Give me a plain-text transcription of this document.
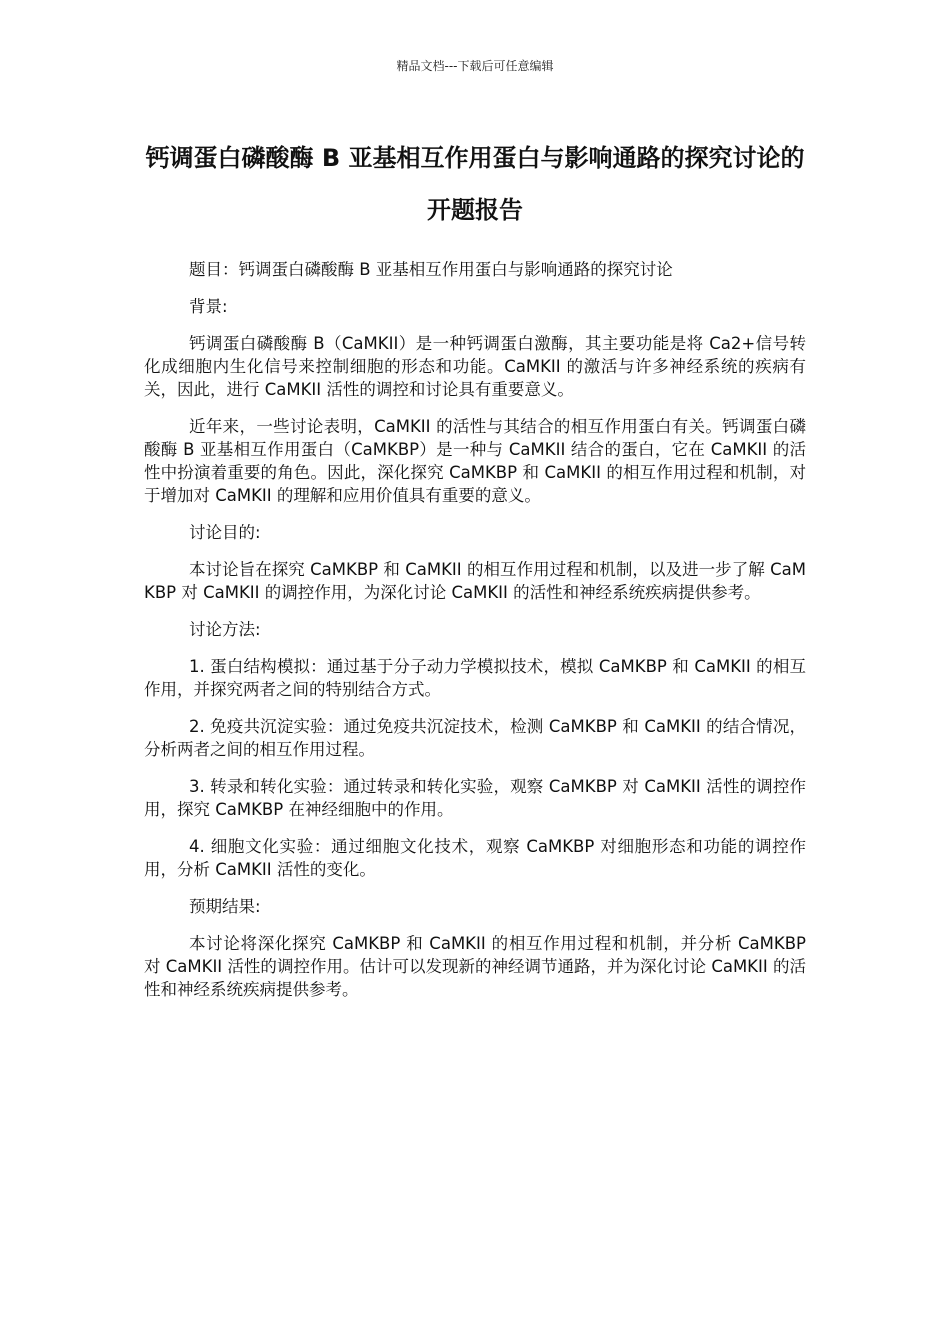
精品文档---下载后可任意编辑
钙调蛋白磷酸酶 B 亚基相互作用蛋白与影响通路的探究讨论的开题报告

题目：钙调蛋白磷酸酶 B 亚基相互作用蛋白与影响通路的探究讨论

背景:

钙调蛋白磷酸酶 B（CaMKII）是一种钙调蛋白激酶，其主要功能是将 Ca2+信号转化成细胞内生化信号来控制细胞的形态和功能。CaMKII 的激活与许多神经系统的疾病有关，因此，进行 CaMKII 活性的调控和讨论具有重要意义。

近年来，一些讨论表明，CaMKII 的活性与其结合的相互作用蛋白有关。钙调蛋白磷酸酶 B 亚基相互作用蛋白（CaMKBP）是一种与 CaMKII 结合的蛋白，它在 CaMKII 的活性中扮演着重要的角色。因此，深化探究 CaMKBP 和 CaMKII 的相互作用过程和机制，对于增加对 CaMKII 的理解和应用价值具有重要的意义。

讨论目的:

本讨论旨在探究 CaMKBP 和 CaMKII 的相互作用过程和机制，以及进一步了解 CaMKBP 对 CaMKII 的调控作用，为深化讨论 CaMKII 的活性和神经系统疾病提供参考。

讨论方法:

1. 蛋白结构模拟：通过基于分子动力学模拟技术，模拟 CaMKBP 和 CaMKII 的相互作用，并探究两者之间的特别结合方式。

2. 免疫共沉淀实验：通过免疫共沉淀技术，检测 CaMKBP 和 CaMKII 的结合情况，分析两者之间的相互作用过程。

3. 转录和转化实验：通过转录和转化实验，观察 CaMKBP 对 CaMKII 活性的调控作用，探究 CaMKBP 在神经细胞中的作用。

4. 细胞文化实验：通过细胞文化技术，观察 CaMKBP 对细胞形态和功能的调控作用，分析 CaMKII 活性的变化。

预期结果:

本讨论将深化探究 CaMKBP 和 CaMKII 的相互作用过程和机制，并分析 CaMKBP 对 CaMKII 活性的调控作用。估计可以发现新的神经调节通路，并为深化讨论 CaMKII 的活性和神经系统疾病提供参考。
